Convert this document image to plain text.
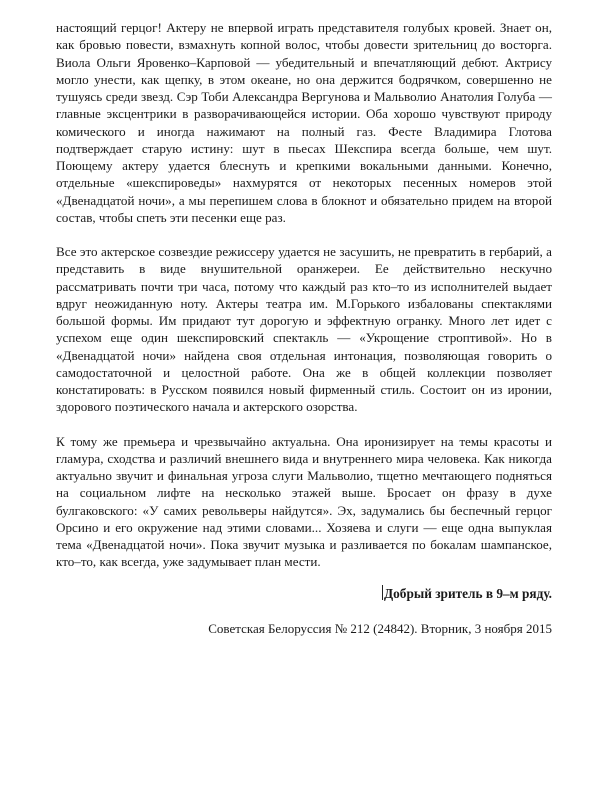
настоящий герцог! Актеру не впервой играть представителя голубых кровей. Знает он, как бровью повести, взмахнуть копной волос, чтобы довести зрительниц до восторга. Виола Ольги Яровенко–Карповой — убедительный и впечатляющий дебют. Актрису могло унести, как щепку, в этом океане, но она держится бодрячком, совершенно не тушуясь среди звезд. Сэр Тоби Александра Вергунова и Мальволио Анатолия Голуба — главные эксцентрики в разворачивающейся истории. Оба хорошо чувствуют природу комического и иногда нажимают на полный газ. Фесте Владимира Глотова подтверждает старую истину: шут в пьесах Шекспира всегда больше, чем шут. Поющему актеру удается блеснуть и крепкими вокальными данными. Конечно, отдельные «шекспироведы» нахмурятся от некоторых песенных номеров этой «Двенадцатой ночи», а мы перепишем слова в блокнот и обязательно придем на второй состав, чтобы спеть эти песенки еще раз.

Все это актерское созвездие режиссеру удается не засушить, не превратить в гербарий, а представить в виде внушительной оранжереи. Ее действительно нескучно рассматривать почти три часа, потому что каждый раз кто–то из исполнителей выдает вдруг неожиданную ноту. Актеры театра им. М.Горького избалованы спектаклями большой формы. Им придают тут дорогую и эффектную огранку. Много лет идет с успехом еще один шекспировский спектакль — «Укрощение строптивой». Но в «Двенадцатой ночи» найдена своя отдельная интонация, позволяющая говорить о самодостаточной и целостной работе. Она же в общей коллекции позволяет констатировать: в Русском появился новый фирменный стиль. Состоит он из иронии, здорового поэтического начала и актерского озорства.

К тому же премьера и чрезвычайно актуальна. Она иронизирует на темы красоты и гламура, сходства и различий внешнего вида и внутреннего мира человека. Как никогда актуально звучит и финальная угроза слуги Мальволио, тщетно мечтающего подняться на социальном лифте на несколько этажей выше. Бросает он фразу в духе булгаковского: «У самих револьверы найдутся». Эх, задумались бы беспечный герцог Орсино и его окружение над этими словами... Хозяева и слуги — еще одна выпуклая тема «Двенадцатой ночи». Пока звучит музыка и разливается по бокалам шампанское, кто–то, как всегда, уже задумывает план мести.

Добрый зритель в 9–м ряду.

Советская Белоруссия № 212 (24842). Вторник, 3 ноября 2015
